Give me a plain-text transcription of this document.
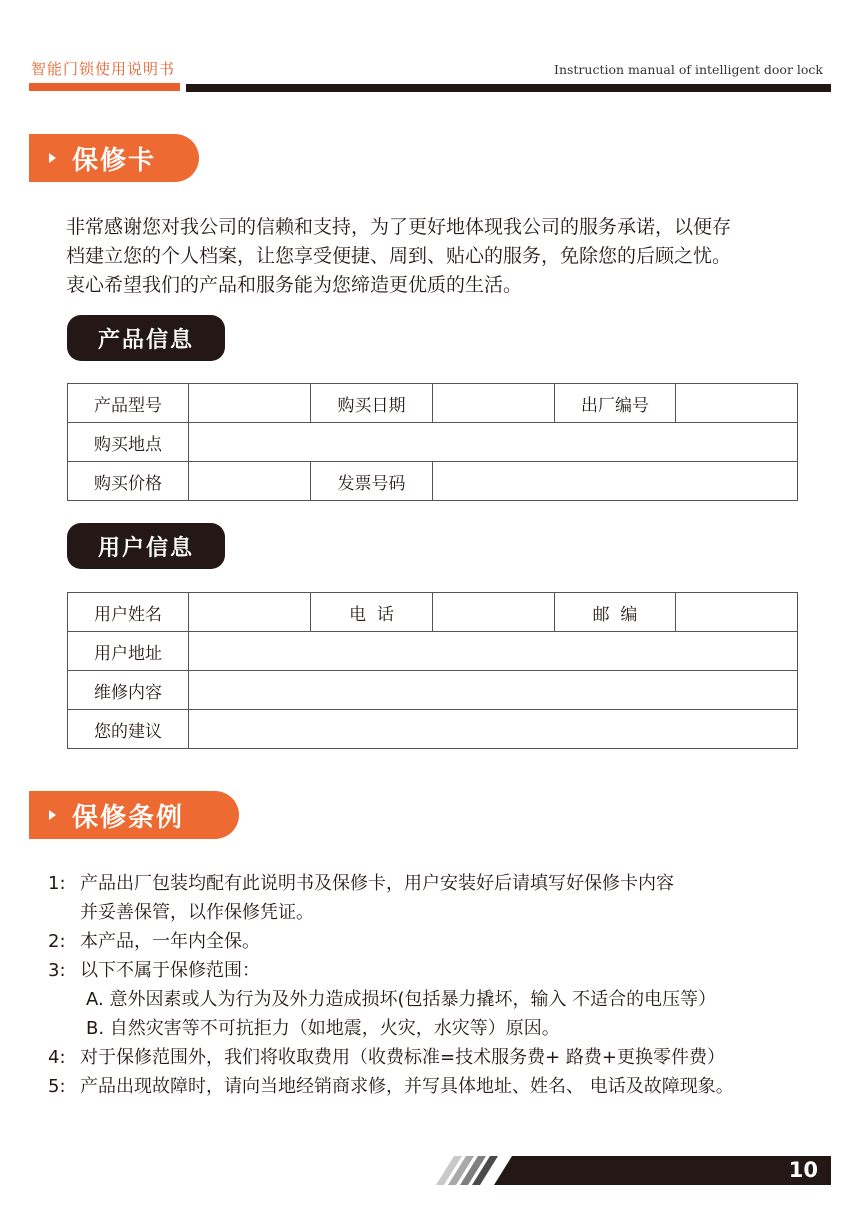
智能门锁使用说明书	Instruction manual of intelligent door lock
保修卡

非常感谢您对我公司的信赖和支持，为了更好地体现我公司的服务承诺，以便存

档建立您的个人档案，让您享受便捷、周到、贴心的服务，免除您的后顾之忧。

衷心希望我们的产品和服务能为您缔造更优质的生活。

产品信息
产品型号		购买日期		出厂编号	
购买地点					
购买价格		发票号码			
用户信息
用户姓名		电  话		邮  编	
用户地址					
维修内容					
您的建议					
保修条例
1: 产品出厂包装均配有此说明书及保修卡，用户安装好后请填写好保修卡内容
并妥善保管，以作保修凭证。
2: 本产品，一年内全保。
3: 以下不属于保修范围：
A. 意外因素或人为行为及外力造成损坏(包括暴力撬坏，输入 不适合的电压等）
B. 自然灾害等不可抗拒力（如地震，火灾，水灾等）原因。
4: 对于保修范围外，我们将收取费用（收费标准=技术服务费+ 路费+更换零件费）
5: 产品出现故障时，请向当地经销商求修，并写具体地址、姓名、 电话及故障现象。
10
